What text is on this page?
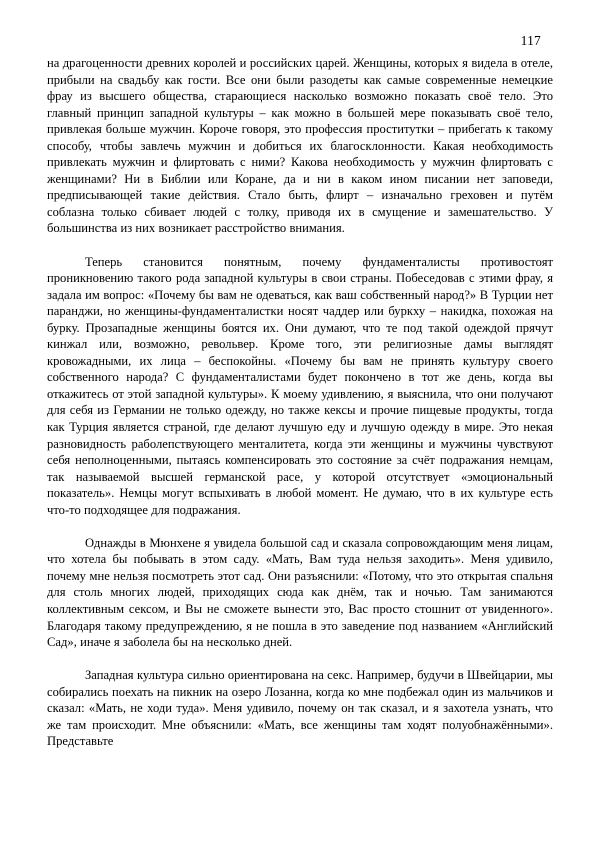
117

на драгоценности древних королей и российских царей. Женщины, которых я видела в отеле, прибыли на свадьбу как гости. Все они были разодеты как самые современные немецкие фрау из высшего общества, старающиеся насколько возможно показать своё тело. Это главный принцип западной культуры – как можно в большей мере показывать своё тело, привлекая больше мужчин. Короче говоря, это профессия проститутки – прибегать к такому способу, чтобы завлечь мужчин и добиться их благосклонности. Какая необходимость привлекать мужчин и флиртовать с ними? Какова необходимость у мужчин флиртовать с женщинами? Ни в Библии или Коране, да и ни в каком ином писании нет заповеди, предписывающей такие действия. Стало быть, флирт – изначально греховен и путём соблазна только сбивает людей с толку, приводя их в смущение и замешательство. У большинства из них возникает расстройство внимания.

Теперь становится понятным, почему фундаменталисты противостоят проникновению такого рода западной культуры в свои страны. Побеседовав с этими фрау, я задала им вопрос: «Почему бы вам не одеваться, как ваш собственный народ?» В Турции нет паранджи, но женщины-фундаменталистки носят чаддер или буркху – накидка, похожая на бурку. Прозападные женщины боятся их. Они думают, что те под такой одеждой прячут кинжал или, возможно, револьвер. Кроме того, эти религиозные дамы выглядят кровожадными, их лица – беспокойны. «Почему бы вам не принять культуру своего собственного народа? С фундаменталистами будет покончено в тот же день, когда вы откажитесь от этой западной культуры». К моему удивлению, я выяснила, что они получают для себя из Германии не только одежду, но также кексы и прочие пищевые продукты, тогда как Турция является страной, где делают лучшую еду и лучшую одежду в мире. Это некая разновидность раболепствующего менталитета, когда эти женщины и мужчины чувствуют себя неполноценными, пытаясь компенсировать это состояние за счёт подражания немцам, так называемой высшей германской расе, у которой отсутствует «эмоциональный показатель». Немцы могут вспыхивать в любой момент. Не думаю, что в их культуре есть что-то подходящее для подражания.

Однажды в Мюнхене я увидела большой сад и сказала сопровождающим меня лицам, что хотела бы побывать в этом саду. «Мать, Вам туда нельзя заходить». Меня удивило, почему мне нельзя посмотреть этот сад. Они разъяснили: «Потому, что это открытая спальня для столь многих людей, приходящих сюда как днём, так и ночью. Там занимаются коллективным сексом, и Вы не сможете вынести это, Вас просто стошнит от увиденного». Благодаря такому предупреждению, я не пошла в это заведение под названием «Английский Сад», иначе я заболела бы на несколько дней.

Западная культура сильно ориентирована на секс. Например, будучи в Швейцарии, мы собирались поехать на пикник на озеро Лозанна, когда ко мне подбежал один из мальчиков и сказал: «Мать, не ходи туда». Меня удивило, почему он так сказал, и я захотела узнать, что же там происходит. Мне объяснили: «Мать, все женщины там ходят полуобнажёнными». Представьте
